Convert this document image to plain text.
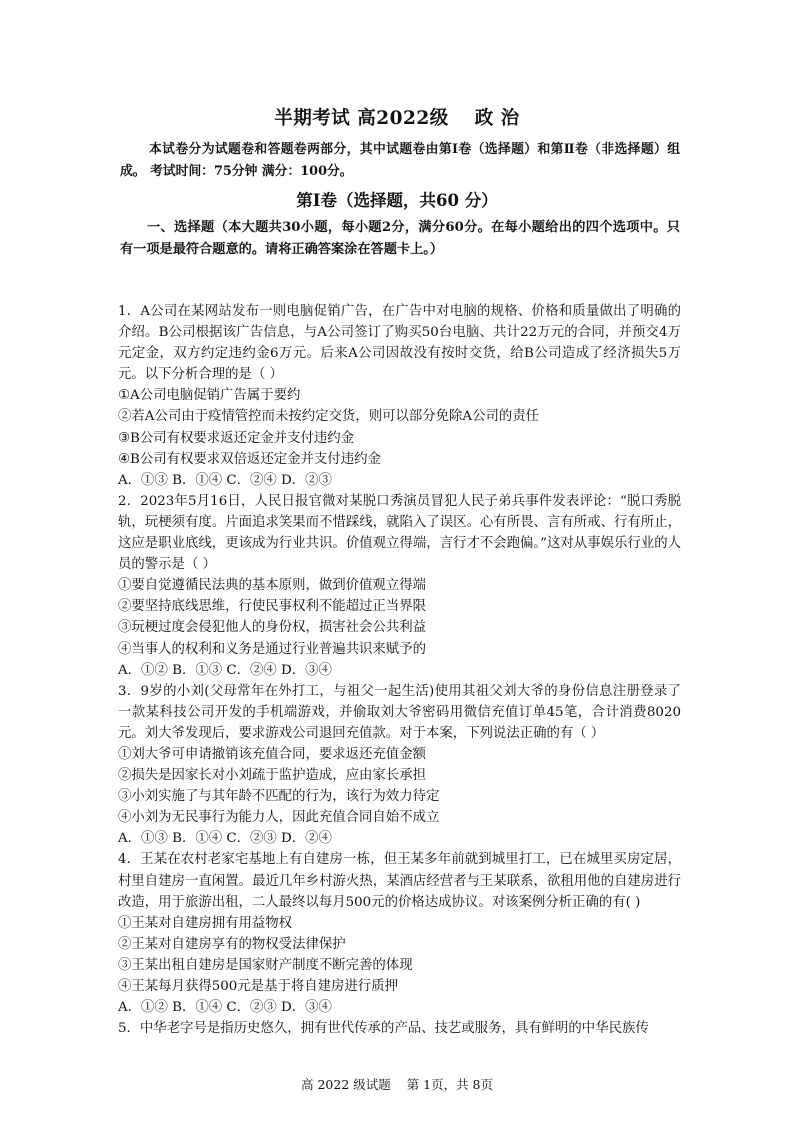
半期考试 高2022级 政 治
本试卷分为试题卷和答题卷两部分，其中试题卷由第Ⅰ卷（选择题）和第Ⅱ卷（非选择题）组成。 考试时间：75分钟 满分：100分。
第Ⅰ卷（选择题，共60 分）
一、选择题（本大题共30小题，每小题2分，满分60分。在每小题给出的四个选项中。只有一项是最符合题意的。请将正确答案涂在答题卡上。）

1．A公司在某网站发布一则电脑促销广告，在广告中对电脑的规格、价格和质量做出了明确的介绍。B公司根据该广告信息，与A公司签订了购买50台电脑、共计22万元的合同，并预交4万元定金，双方约定违约金6万元。后来A公司因故没有按时交货，给B公司造成了经济损失5万元。以下分析合理的是（ ）

①A公司电脑促销广告属于要约

②若A公司由于疫情管控而未按约定交货，则可以部分免除A公司的责任

③B公司有权要求返还定金并支付违约金

④B公司有权要求双倍返还定金并支付违约金

A．①③ B．①④ C．②④ D．②③

2．2023年5月16日，人民日报官微对某脱口秀演员冒犯人民子弟兵事件发表评论：“脱口秀脱轨，玩梗须有度。片面追求笑果而不惜踩线，就陷入了误区。心有所畏、言有所戒、行有所止，这应是职业底线，更该成为行业共识。价值观立得端，言行才不会跑偏。”这对从事娱乐行业的人员的警示是（ ）

①要自觉遵循民法典的基本原则，做到价值观立得端

②要坚持底线思维，行使民事权利不能超过正当界限

③玩梗过度会侵犯他人的身份权，损害社会公共利益

④当事人的权利和义务是通过行业普遍共识来赋予的

A．①② B．①③ C．②④ D．③④

3．9岁的小刘(父母常年在外打工，与祖父一起生活)使用其祖父刘大爷的身份信息注册登录了一款某科技公司开发的手机端游戏，并偷取刘大爷密码用微信充值订单45笔，合计消费8020元。刘大爷发现后，要求游戏公司退回充值款。对于本案，下列说法正确的有（ ）

①刘大爷可申请撤销该充值合同，要求返还充值金额

②损失是因家长对小刘疏于监护造成，应由家长承担

③小刘实施了与其年龄不匹配的行为，该行为效力待定

④小刘为无民事行为能力人，因此充值合同自始不成立

A．①③ B．①④ C．②③ D．②④

4．王某在农村老家宅基地上有自建房一栋，但王某多年前就到城里打工，已在城里买房定居，村里自建房一直闲置。最近几年乡村游火热，某酒店经营者与王某联系，欲租用他的自建房进行改造，用于旅游出租，二人最终以每月500元的价格达成协议。对该案例分析正确的有( )

①王某对自建房拥有用益物权

②王某对自建房享有的物权受法律保护

③王某出租自建房是国家财产制度不断完善的体现

④王某每月获得500元是基于将自建房进行质押

A．①② B．①④ C．②③ D．③④

5．中华老字号是指历史悠久，拥有世代传承的产品、技艺或服务，具有鲜明的中华民族传

高 2022 级试题    第 1页，共 8页
